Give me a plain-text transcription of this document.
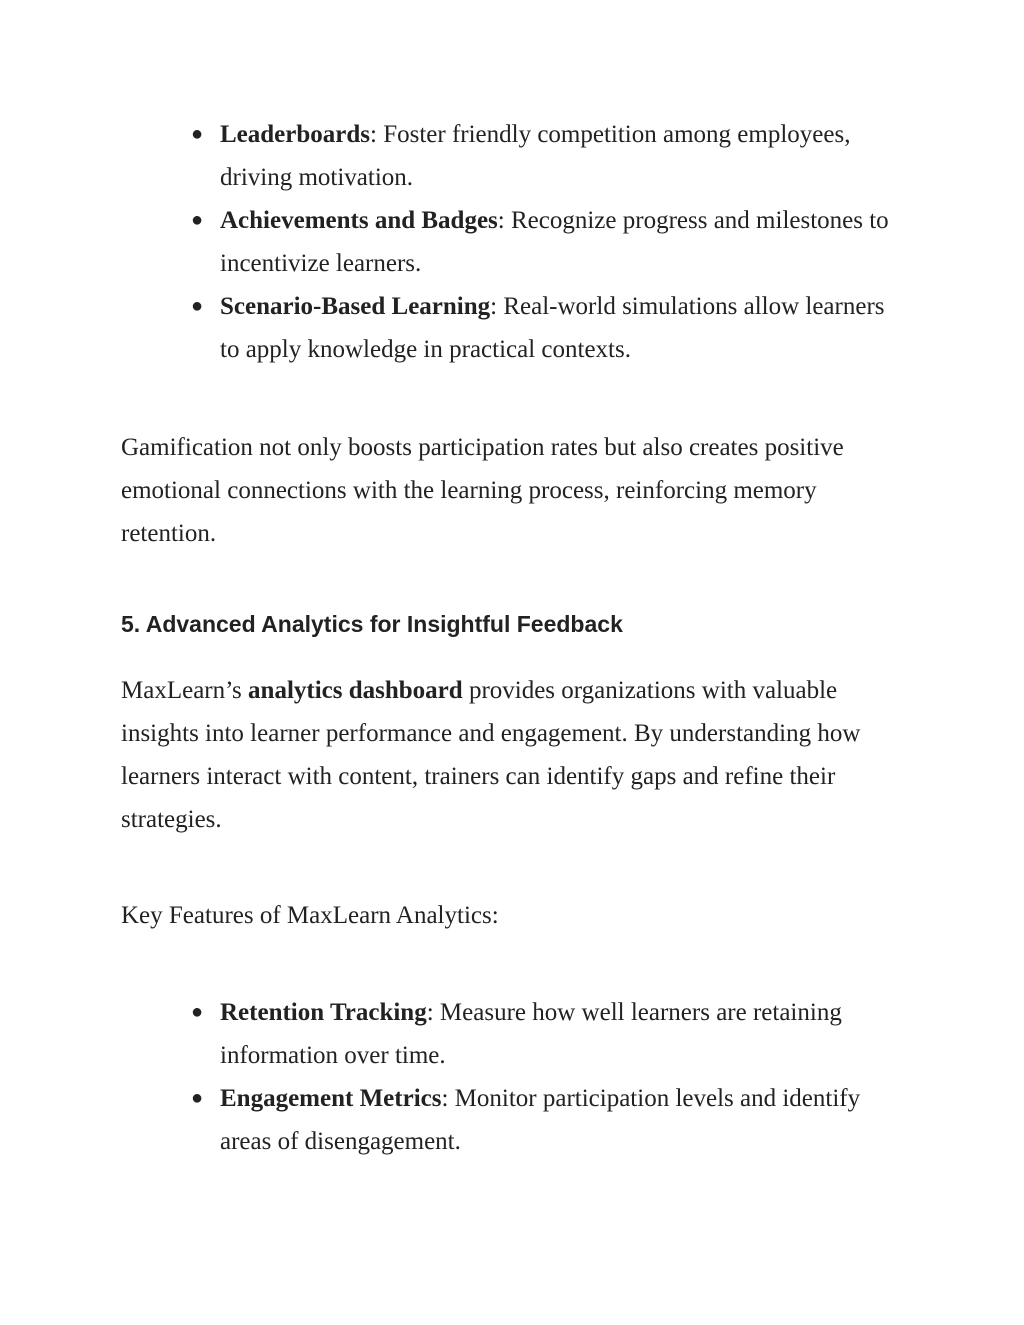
● Leaderboards: Foster friendly competition among employees, driving motivation.
● Achievements and Badges: Recognize progress and milestones to incentivize learners.
● Scenario-Based Learning: Real-world simulations allow learners to apply knowledge in practical contexts.

Gamification not only boosts participation rates but also creates positive emotional connections with the learning process, reinforcing memory retention.

5. Advanced Analytics for Insightful Feedback

MaxLearn’s analytics dashboard provides organizations with valuable insights into learner performance and engagement. By understanding how learners interact with content, trainers can identify gaps and refine their strategies.

Key Features of MaxLearn Analytics:

● Retention Tracking: Measure how well learners are retaining information over time.
● Engagement Metrics: Monitor participation levels and identify areas of disengagement.
